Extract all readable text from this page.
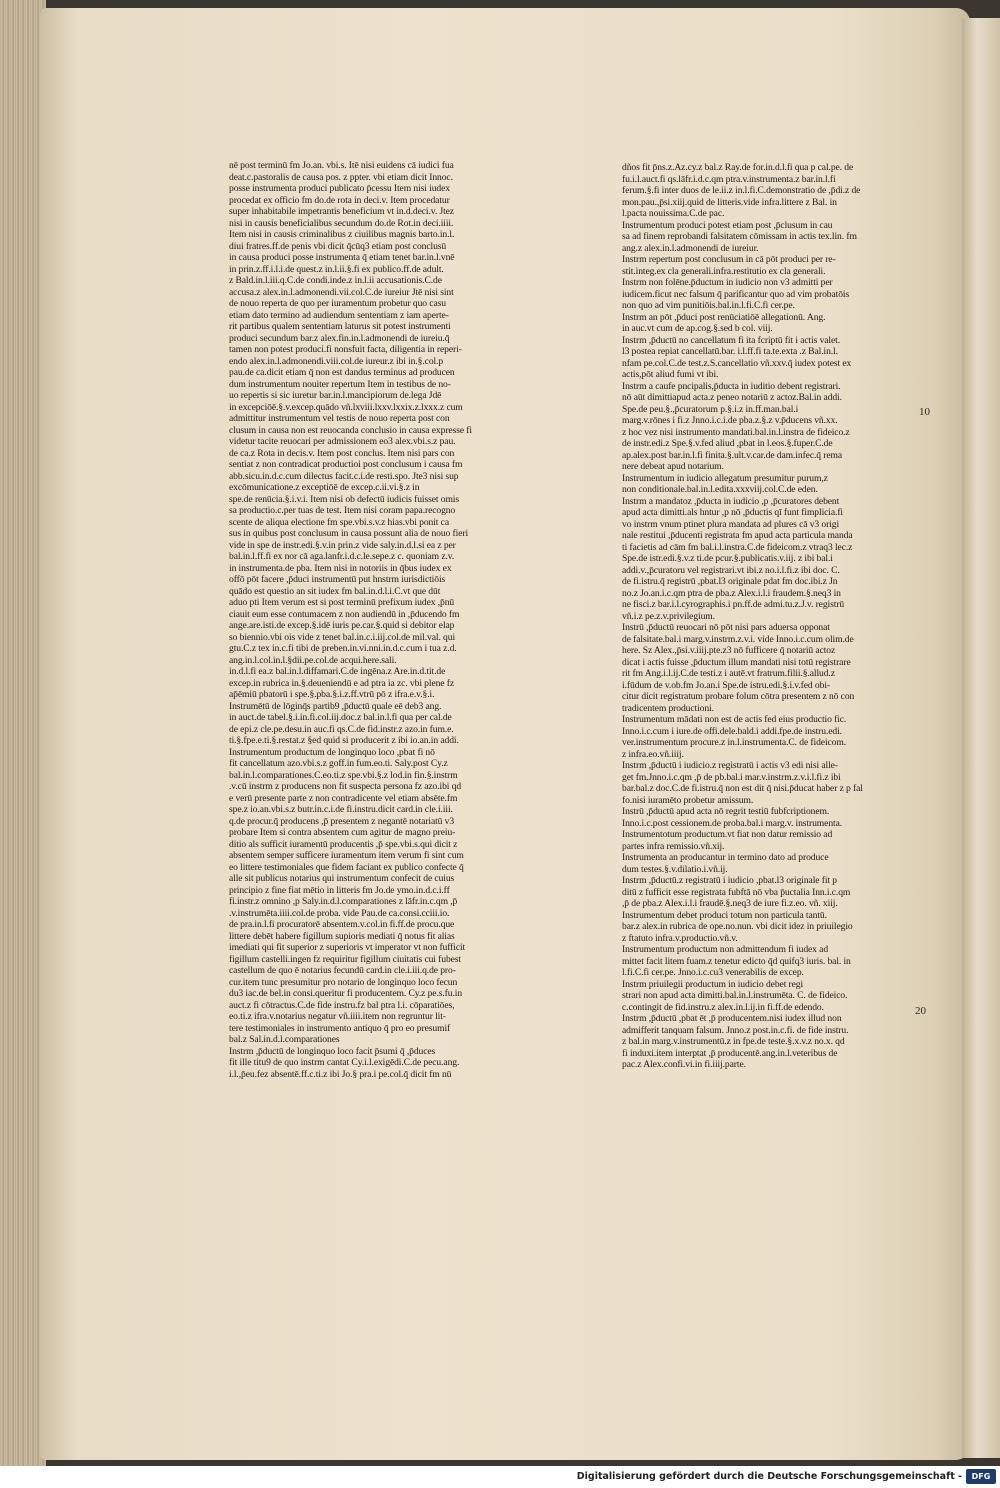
nē post terminū fm Jo.an. vbi.s. Itē nisi euidens cā iudici fua
deat.c.pastoralis de causa pos. z ppter. vbi etiam dicit Innoc.
posse instrumenta produci publicato p̄cessu Item nisi iudex
procedat ex officio fm do.de rota in deci.v. Item procedatur
super inhabitabile impetrantis beneficium vt in.d.deci.v. Jtez
nisi in causis beneficialibus secundum do.de Rot.in deci.iiii.
Item nisi in causis criminalibus z ciuilibus magnis barto.in.l.
diui fratres.ff.de penis vbi dicit q̄cūq3 etiam post conclusū
in causa produci posse instrumenta q̄ etiam tenet bar.in.l.vnē
in prin.z.ff.i.l.i.de quest.z in.l.ii.§.fi ex publico.ff.de adult.
z Bald.in.l.iii.q.C.de condi.inde.z in.l.ii accusationis.C.de
accusa.z alex.in.l.admonendi.vii.col.C.de iureiur Jtē nisi sint
de nouo reperta de quo per iuramentum probetur quo casu
etiam dato termino ad audiendum sententiam z iam aperte-
rit partibus qualem sententiam laturus sit potest instrumenti
produci secundum bar.z alex.fin.in.l.admonendi de iureiu.q̄
tamen non potest produci.fi nonsfuit facta, diligentia in reperi-
endo alex.in.l.admonendi.viii.col.de iureur.z ibi in.§.col.p
pau.de ca.dicit etiam q̄ non est dandus terminus ad producen
dum instrumentum nouiter repertum Item in testibus de no-
uo repertis si sic iuretur bar.in.l.mancipiorum de.lega Jdē
in excepciōē.§.v.excep.quādo vñ.lxviii.lxxv.lxxix.z.lxxx.z cum
admittitur instrumentum vel testis de nouo reperta post con
clusum in causa non est reuocanda conclusio in causa expresse fi
videtur tacite reuocari per admissionem eo3 alex.vbi.s.z pau.
de ca.z Rota in decis.v. Item post conclus. Item nisi pars con
sentiat z non contradicat productioi post conclusum i causa fm
abb.sicu.in.d.c.cum dilectus facit.c.i.de resti.spo. Jte3 nisi sup
excōmunicatione.z exceptiōē de excep.c.ii.vi.§.z in
spe.de renūcia.§.i.v.i. Item nisi ob defectū iudicis fuisset omis
sa productio.c.per tuas de test. Item nisi coram papa.recogno
scente de aliqua electione fm spe.vbi.s.v.z hias.vbi ponit ca
sus in quibus post conclusum in causa possunt alia de nouo fieri
vide in spe de instr.edi.§.v.in prin.z vide saly.in.d.l.si ea z per
bal.in.l.ff.fi ex nor cā aga.lanfr.i.d.c.le.sepe.z c. quoniam z.v.
in instrumenta.de pba. Item nisi in notoriis in q̄bus iudex ex
offō pōt facere ,p̄duci instrumentū put hnstrm iurisdictiōis
quādo est questio an sit iudex fm bal.in.d.l.i.C.vt que dūt
aduo pti Item verum est si post terminū prefixum iudex ,p̄nū
ciauit eum esse contumacem z non audiendū in ,p̄ducendo fm
ange.are.isti.de excep.§.idē iuris pe.car.§.quid si debitor elap
so biennio.vbi ois vide z tenet bal.in.c.i.iij.col.de mil.val. qui
gtu.C.z tex in.c.fi tibi de preben.in.vi.nni.in.d.c.cum i tua z.d.
ang.in.l.col.in.l.§dii.pe.col.de acqui.here.sali.
in.d.l.fi ea.z bal.in.l.diffamari.C.de ingēna.z Are.in.d.tit.de
excep.in rubrica in.§.deueniendū e ad ptra ia zc. vbi plene fz
ap̄ēmiū pbatorū i spe.§.pba.§.i.z.ff.vtrū pō z ifra.e.v.§.i.
Instrumētū de lōginq̄s partib9 ,p̄ductū quale eē deb3 ang.
in auct.de tabel.§.i.in.fi.col.iij.doc.z bal.in.l.fi qua per cal.de
de epi.z cle.pe.desu.in auc.fi qs.C.de fid.instr.z azo.in fum.e.
ti.§.fpe.e.ti.§.restat.z §ed quid si producerit z ibi io.an.in addi.
Instrumentum productum de longinquo loco ,pbat fi nō
fit cancellatum azo.vbi.s.z goff.in fum.eo.ti. Saly.post Cy.z
bal.in.l.comparationes.C.eo.ti.z spe.vbi.§.z lod.in fin.§.instrm
.v.cū instrm z producens non fit suspecta persona fz azo.ibi qd
e verū presente parte z non contradicente vel etiam absēte.fm
spe.z io.an.vbi.s.z butr.in.c.i.de fi.instru.dicit card.in cle.i.iii.
q.de procur.q̄ producens ,p̄ presentem z negantē notariatū v3
probare Item si contra absentem cum agitur de magno preiu-
ditio als sufficit iuramentū producentis ,p̄ spe.vbi.s.qui dicit z
absentem semper sufficere iuramentum item verum fi sint cum
eo littere testimoniales que fidem faciant ex publico confecte q̄
alle sit publicus notarius qui instrumentum confecit de cuius
principio z fine fiat mētio in litteris fm Jo.de ymo.in.d.c.i.ff
fi.instr.z omnino ,p Saly.in.d.l.comparationes z lāfr.in.c.qm ,p̄
.v.instrumēta.iiii.col.de proba. vide Pau.de ca.consi.cciii.io.
de pra.in.l.fi procuratorē absentem.v.col.in fi.ff.de procu.que
littere debēt habere figillum supioris mediati q̄ notus fit alias
imediati qui fit superior z superioris vt imperator vt non fufficit
figillum castelli.ingen fz requiritur figillum ciuitatis cui fubest
castellum de quo ē notarius fecundū card.in cle.i.iii.q.de pro-
cur.item tunc presumitur pro notario de longinquo loco fecun
du3 iac.de bel.in consi.queritur fi producentem. Cy.z pe.s.fu.in
auct.z fi cōtractus.C.de fide instru.fz bal ptra l.i. cōparatiōes,
eo.ti.z ifra.v.notarius negatur vñ.iiii.item non regruntur lit-
tere testimoniales in instrumento antiquo q̄ pro eo presumif
bal.z Sal.in.d.l.comparationes
Instrm ,p̄ductū de longinquo loco facit p̄sumi q̄ ,p̄duces
fit ille titu9 de quo instrm cantat Cy.i.l.exigēdi.C.de pecu.ang.
i.l.,p̄eu.fez absentē.ff.c.ti.z ibi Jo.§ pra.i pe.col.q̄ dicit fm nū
dños fit p̄ns.z.Az.cy.z bal.z Ray.de for.in.d.l.fi qua p cal.pe. de
fu.i.l.auct.fi qs.lāfr.i.d.c.qm ptra.v.instrumenta.z bar.in.l.fi
ferum.§.fi inter duos de le.ii.z in.l.fi.C.demonstratio de ,p̄di.z de
mon.pau.,p̄si.xiij.quid de litteris.vide infra.littere z Bal. in
l.pacta nouissima.C.de pac.
Instrumentum produci potest etiam post ,p̄clusum in cau
sa ad finem reprobandi falsitatem cōmissam in actis tex.lin. fm
ang.z alex.in.l.admonendi de iureiur.
Instrm repertum post conclusum in cā pōt produci per re-
stit.integ.ex cla generali.infra.restitutio ex cla generali.
Instrm non folēne.p̄ductum in iudicio non v3 admitti per
iudicem.ficut nec falsum q̄ parificantur quo ad vim probatōis
non quo ad vim punitiōis.bal.in.l.fi.C.fi cer.pe.
Instrm an pōt ,p̄duci post renūciatiōē allegationū. Ang.
in auc.vt cum de ap.cog.§.sed b col. viij.
Instrm ,p̄ductū no cancellatum fi ita fcriptū fit i actis valet.
l3 postea repiat cancellatū.bar. i.l.ff.fi ta.te.exta .z Bal.in.l.
nfam pe.col.C.de test.z.S.cancellatio vñ.xxv.q̄ iudex potest ex
actis,pōt aliud fumi vt ibi.
Instrm a caufe pncipalis,p̄ducta in iuditio debent registrari.
nō aūt dimittiapud acta.z peneo notariū z actoz.Bal.in addi.
Spe.de peu.§.,p̄curatorum p.§.i.z in.ff.man.bal.i
marg.v.rōnes i fi.z Jnno.i.c.i.de pba.z.§.z v.p̄ducens vñ.xx.
z hoc vez nisi instrumento mandati.bal.in.l.instra de fideico.z
de instr.edi.z Spe.§.v.fed aliud ,pbat in l.eos.§.fuper.C.de
ap.alex.post bar.in.l.fi finita.§.ult.v.car.de dam.infec.q̄ rema
nere debeat apud notarium.
Instrumentum in iudicio allegatum presumitur purum,z
non conditionale.bal.in.l.edita.xxxviij.col.C.de eden.
Instrm a mandatoz ,p̄ducta in iudicio ,p ,p̄curatores debent
apud acta dimitti.als hntur ,p nō ,p̄ductis qī funt fimplicia.fi
vo instrm vnum ptinet plura mandata ad plures cā v3 origi
nale restitui ,p̄ducenti registrata fm apud acta particula manda
ti facietis ad cām fm bal.i.l.instra.C.de fideicom.z vtraq3 lec.z
Spe.de istr.edi.§.v.z ti.de pcur.§.publicatis.v.iij. z ibi bal.i
addi.v.,p̄curatoru vel registrari.vt ibi.z no.i.l.fi.z ibi doc. C.
de fi.istru.q̄ registrū ,pbat.l3 originale pdat fm doc.ibi.z Jn
no.z Jo.an.i.c.qm ptra de pba.z Alex.i.l.i fraudem.§.neq3 in
ne fisci.z bar.i.l.cyrographis.i pn.ff.de admi.tu.z.J.v. registrū
vñ.i.z pe.z.v.privilegium.
Instrū ,p̄ductū reuocari nō pōt nisi pars aduersa opponat
de falsitate.bal.i marg.v.instrm.z.v.i. vide Inno.i.c.cum olim.de
here. Sz Alex.,p̄si.v.iiij.pte.z3 nō fufficere q̄ notariū actoz
dicat i actis fuisse ,p̄ductum illum mandati nisi totū registrare
rit fm Ang.i.l.ij.C.de testi.z i autē.vt fratrum.filii.§.allud.z
i.fūdum de v.ob.fm Jo.an.i Spe.de istru.edi.§.i.v.fed obi-
citur dicit registratum probare folum cōtra presentem z nō con
tradicentem productioni.
Instrumentum mādati non est de actis fed eius productio fic.
Inno.i.c.cum i iure.de offi.dele.bald.i addi.fpe.de instru.edi.
ver.instrumentum procure.z in.l.instrumenta.C. de fideicom.
z infra.eo.vñ.iiij.
Instrm ,p̄ductū i iudicio.z registratū i actis v3 edi nisi alle-
get fm.Jnno.i.c.qm ,p̄ de pb.bal.i mar.v.instrm.z.v.i.l.fi.z ibi
bar.bal.z doc.C.de fi.istru.q̄ non est dit q̄ nisi.p̄ducat haber z p fal
fo.nisi iuramēto probetur amissum.
Instrū ,p̄ductū apud acta nō regrit testiū fubfcriptionem.
Inno.i.c.post cessionem.de proba.bal.i marg.v. instrumenta.
Instrumentotum productum.vt fiat non datur remissio ad
partes infra remissio.vñ.xij.
Instrumenta an producantur in termino dato ad produce
dum testes.§.v.dilatio.i.vñ.ij.
Instrm ,p̄ductū.z registratū i iudicio ,pbat.l3 originale fit p
ditū z fufficit esse registrata fubftā nō vba p̄uctalia Inn.i.c.qm
,p̄ de pba.z Alex.i.l.i fraudē.§.neq3 de iure fi.z.eo. vñ. xiij.
Instrumentum debet produci totum non particula tantū.
bar.z alex.in rubrica de ope.no.nun. vbi dicit idez in priuilegio
z ftatuto infra.v.productio.vñ.v.
Instrumentum productum non admittendum fi iudex ad
mittet facit litem fuam.z tenetur edicto q̄d quifq3 iuris. bal. in
l.fi.C.fi cer.pe. Jnno.i.c.cu3 venerabilis de excep.
Instrm priuilegii productum in iudicio debet regi
strari non apud acta dimitti.bal.in.l.instrumēta. C. de fideico.
c.contingit de fid.instru.z alex.in.l.ij.in fi.ff.de edendo.
Instrm ,p̄ductū ,pbat ēt ,p̄ producentem.nisi iudex illud non
admifferit tanquam falsum. Jnno.z post.in.c.fi. de fide instru.
z bal.in marg.v.instrumentū.z in fpe.de teste.§.x.v.z no.x. qd
fi induxi.item interptat ,p̄ producentē.ang.in.l.veteribus de
pac.z Alex.confi.vi.in fi.iiij.parte.
10
20
Digitalisierung gefördert durch die Deutsche Forschungsgemeinschaft -	DFG
